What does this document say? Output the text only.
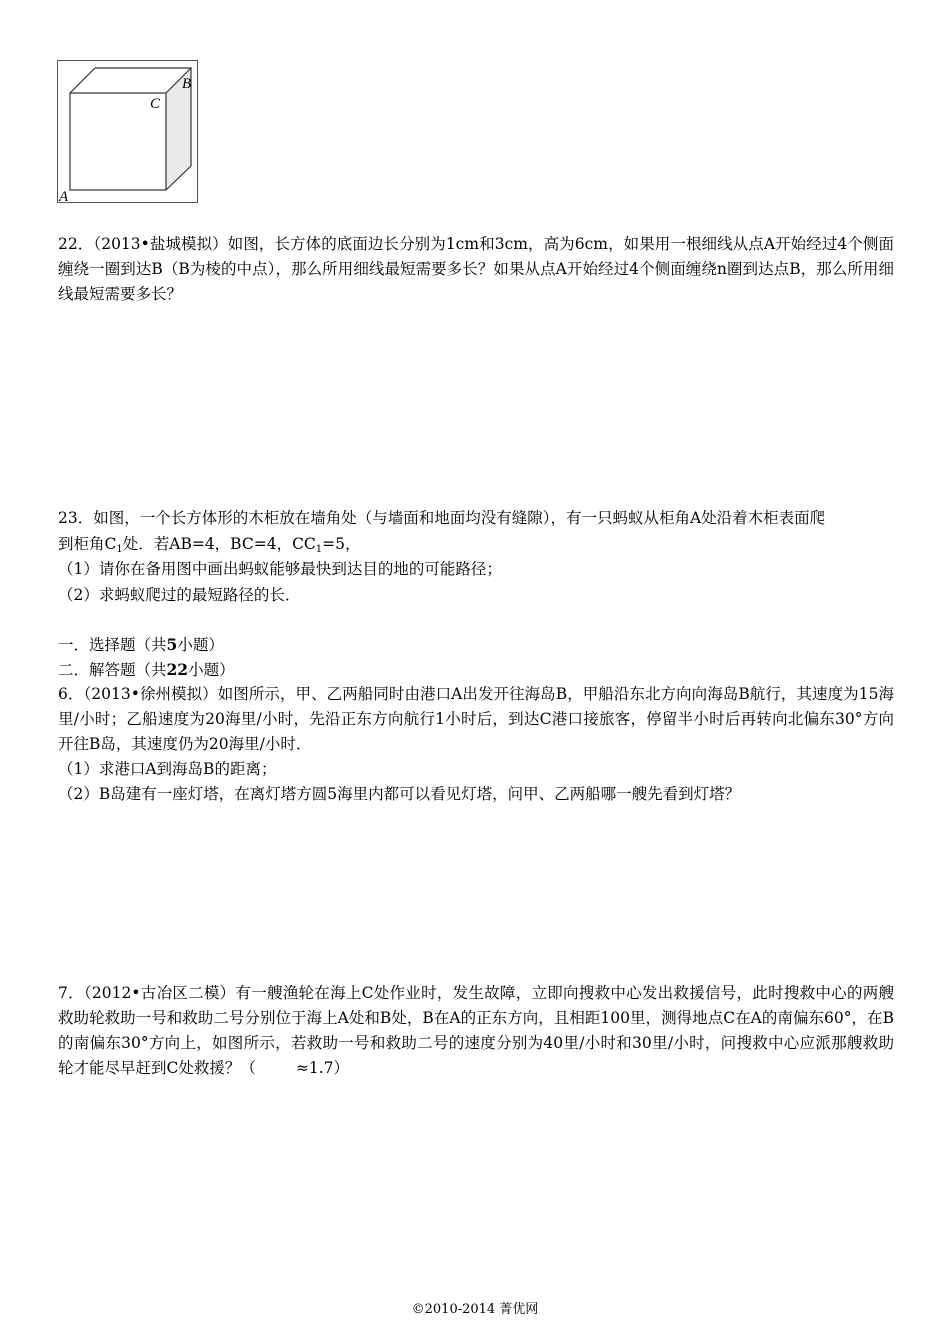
B
C
A
22．（2013•盐城模拟）如图，长方体的底面边长分别为1cm和3cm，高为6cm，如果用一根细线从点A开始经过4个侧面缠绕一圈到达B（B为棱的中点），那么所用细线最短需要多长？如果从点A开始经过4个侧面缠绕n圈到达点B，那么所用细线最短需要多长？
23．如图，一个长方体形的木柜放在墙角处（与墙面和地面均没有缝隙），有一只蚂蚁从柜角A处沿着木柜表面爬
到柜角$C_1$处．若AB=4，BC=4，$CC_1=5$，
（1）请你在备用图中画出蚂蚁能够最快到达目的地的可能路径；
（2）求蚂蚁爬过的最短路径的长．
一．选择题（共5小题）
二．解答题（共22小题）
6．（2013•徐州模拟）如图所示，甲、乙两船同时由港口A出发开往海岛B，甲船沿东北方向向海岛B航行，其速度为15海里/小时；乙船速度为20海里/小时，先沿正东方向航行1小时后，到达C港口接旅客，停留半小时后再转向北偏东30°方向开往B岛，其速度仍为20海里/小时．
（1）求港口A到海岛B的距离；
（2）B岛建有一座灯塔，在离灯塔方圆5海里内都可以看见灯塔，问甲、乙两船哪一艘先看到灯塔？
7．（2012•古冶区二模）有一艘渔轮在海上C处作业时，发生故障，立即向搜救中心发出救援信号，此时搜救中心的两艘救助轮救助一号和救助二号分别位于海上A处和B处，B在A的正东方向，且相距100里，测得地点C在A的南偏东60°，在B的南偏东30°方向上，如图所示，若救助一号和救助二号的速度分别为40里/小时和30里/小时，问搜救中心应派那艘救助轮才能尽早赶到C处救援？（	≈1.7）
©2010-2014 菁优网
